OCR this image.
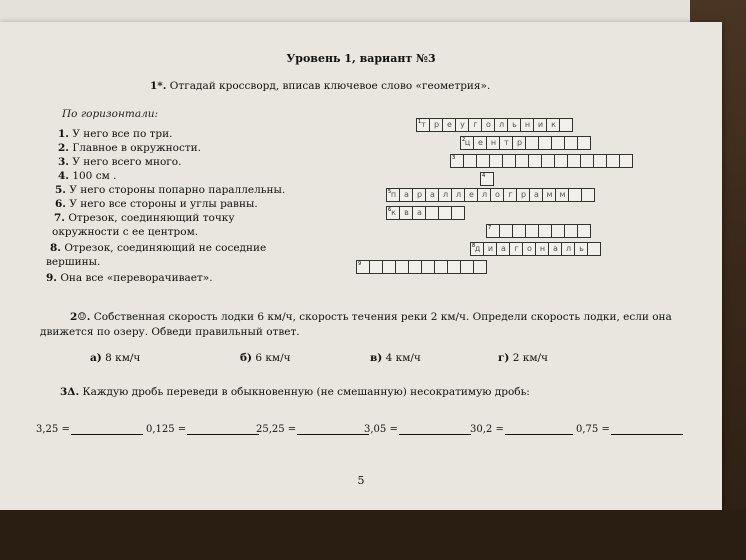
Уровень 1, вариант №3
1*. Отгадай кроссворд, вписав ключевое слово «геометрия».
По горизонтали:
1. У него все по три.
2. Главное в окружности.
3. У него всего много.
4. 100 см .
5. У него стороны попарно параллельны.
6. У него все стороны и углы равны.
7. Отрезок, соединяющий точку
окружности с ее центром.
8. Отрезок, соединяющий не соседние
вершины.
9. Она все «переворачивает».
1 т	р	е	у	г	о л	ь	н и к
2 ц е н	т	р
3
4
5 п а	р	а л л е л о	г	р	а м м
6 к	в	а
7
8 д и а	г	о н а л	ь
9
2☺. Собственная скорость лодки 6 км/ч, скорость течения реки 2 км/ч. Определи скорость лодки, если она движется по озеру. Обведи правильный ответ.
а) 8 км/ч	б) 6 км/ч	в) 4 км/ч	г) 2 км/ч
3Δ. Каждую дробь переведи в обыкновенную (не смешанную) несократимую дробь:
3,25 =	0,125 =	25,25 =	3,05 =	30,2 =	0,75 =
5
